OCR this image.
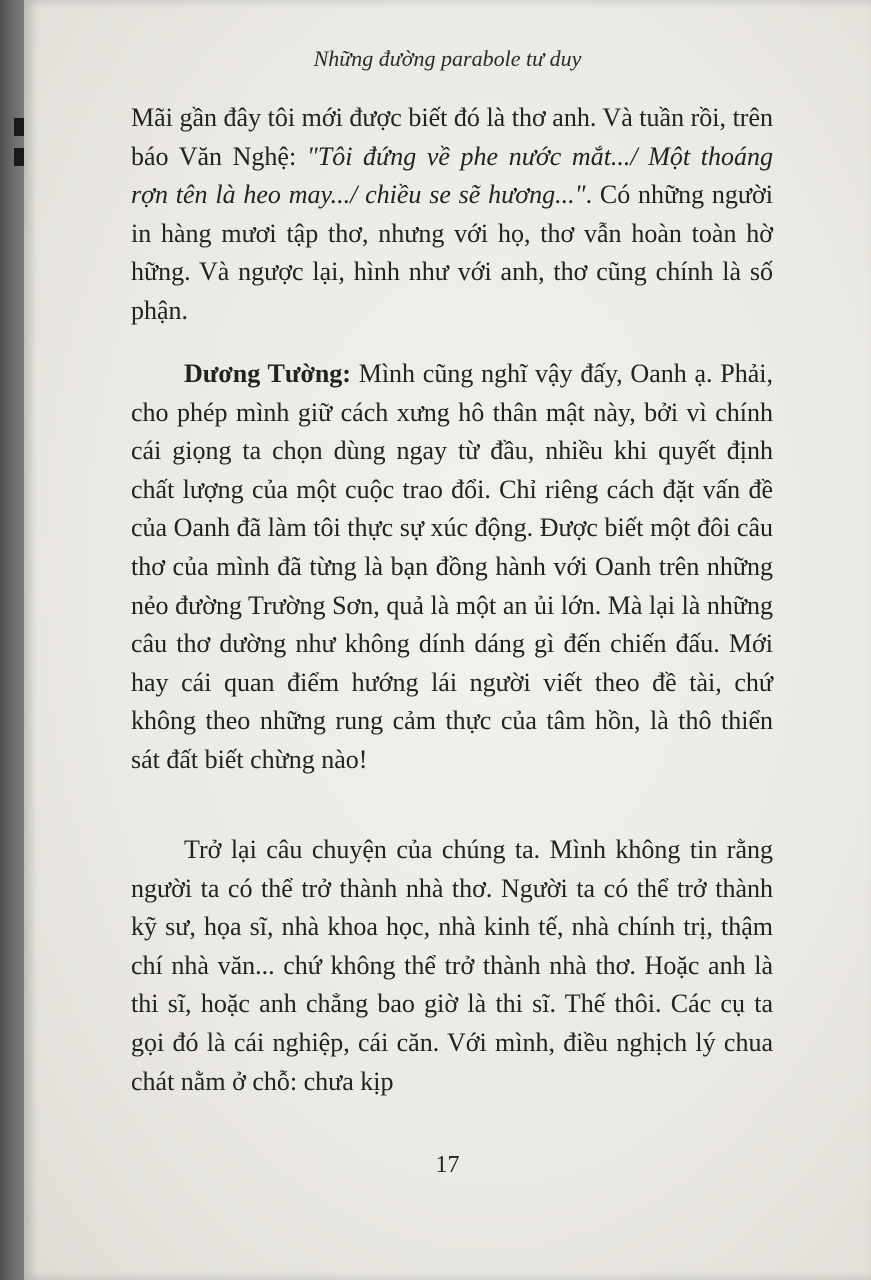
Những đường parabole tư duy

Mãi gần đây tôi mới được biết đó là thơ anh. Và tuần rồi, trên báo Văn Nghệ: "Tôi đứng về phe nước mắt.../ Một thoáng rợn tên là heo may.../ chiều se sẽ hương...". Có những người in hàng mươi tập thơ, nhưng với họ, thơ vẫn hoàn toàn hờ hững. Và ngược lại, hình như với anh, thơ cũng chính là số phận.

Dương Tường: Mình cũng nghĩ vậy đấy, Oanh ạ. Phải, cho phép mình giữ cách xưng hô thân mật này, bởi vì chính cái giọng ta chọn dùng ngay từ đầu, nhiều khi quyết định chất lượng của một cuộc trao đổi. Chỉ riêng cách đặt vấn đề của Oanh đã làm tôi thực sự xúc động. Được biết một đôi câu thơ của mình đã từng là bạn đồng hành với Oanh trên những nẻo đường Trường Sơn, quả là một an ủi lớn. Mà lại là những câu thơ dường như không dính dáng gì đến chiến đấu. Mới hay cái quan điểm hướng lái người viết theo đề tài, chứ không theo những rung cảm thực của tâm hồn, là thô thiển sát đất biết chừng nào!

Trở lại câu chuyện của chúng ta. Mình không tin rằng người ta có thể trở thành nhà thơ. Người ta có thể trở thành kỹ sư, họa sĩ, nhà khoa học, nhà kinh tế, nhà chính trị, thậm chí nhà văn... chứ không thể trở thành nhà thơ. Hoặc anh là thi sĩ, hoặc anh chẳng bao giờ là thi sĩ. Thế thôi. Các cụ ta gọi đó là cái nghiệp, cái căn. Với mình, điều nghịch lý chua chát nằm ở chỗ: chưa kịp

17
